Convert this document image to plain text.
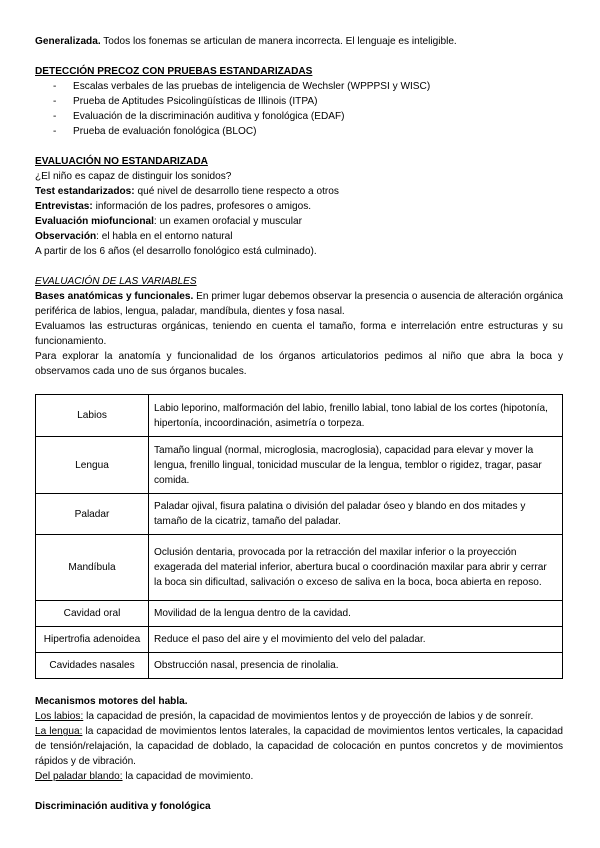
Generalizada. Todos los fonemas se articulan de manera incorrecta. El lenguaje es inteligible.

DETECCIÓN PRECOZ CON PRUEBAS ESTANDARIZADAS

- Escalas verbales de las pruebas de inteligencia de Wechsler (WPPPSI y WISC)
- Prueba de Aptitudes Psicolingüísticas de Illinois (ITPA)
- Evaluación de la discriminación auditiva y fonológica (EDAF)
- Prueba de evaluación fonológica (BLOC)

EVALUACIÓN NO ESTANDARIZADA

¿El niño es capaz de distinguir los sonidos?

Test estandarizados: qué nivel de desarrollo tiene respecto a otros

Entrevistas: información de los padres, profesores o amigos.

Evaluación miofuncional: un examen orofacial y muscular

Observación: el habla en el entorno natural

A partir de los 6 años (el desarrollo fonológico está culminado).

EVALUACIÓN DE LAS VARIABLES

Bases anatómicas y funcionales. En primer lugar debemos observar la presencia o ausencia de alteración orgánica periférica de labios, lengua, paladar, mandíbula, dientes y fosa nasal.

Evaluamos las estructuras orgánicas, teniendo en cuenta el tamaño, forma e interrelación entre estructuras y su funcionamiento.

Para explorar la anatomía y funcionalidad de los órganos articulatorios pedimos al niño que abra la boca y observamos cada uno de sus órganos bucales.

Labios	Labio leporino, malformación del labio, frenillo labial, tono labial de los cortes (hipotonía, hipertonía, incoordinación, asimetría o torpeza.
Lengua	Tamaño lingual (normal, microglosia, macroglosia), capacidad para elevar y mover la lengua, frenillo lingual, tonicidad muscular de la lengua, temblor o rigidez, tragar, pasar comida.
Paladar	Paladar ojival, fisura palatina o división del paladar óseo y blando en dos mitades y tamaño de la cicatriz, tamaño del paladar.
Mandíbula	Oclusión dentaria, provocada por la retracción del maxilar inferior o la proyección exagerada del material inferior, abertura bucal o coordinación maxilar para abrir y cerrar la boca sin dificultad, salivación o exceso de saliva en la boca, boca abierta en reposo.
Cavidad oral	Movilidad de la lengua dentro de la cavidad.
Hipertrofia adenoidea	Reduce el paso del aire y el movimiento del velo del paladar.
Cavidades nasales	Obstrucción nasal, presencia de rinolalia.

Mecanismos motores del habla.

Los labios: la capacidad de presión, la capacidad de movimientos lentos y de proyección de labios y de sonreír.

La lengua: la capacidad de movimientos lentos laterales, la capacidad de movimientos lentos verticales, la capacidad de tensión/relajación, la capacidad de doblado, la capacidad de colocación en puntos concretos y de movimientos rápidos y de vibración.

Del paladar blando: la capacidad de movimiento.

Discriminación auditiva y fonológica
